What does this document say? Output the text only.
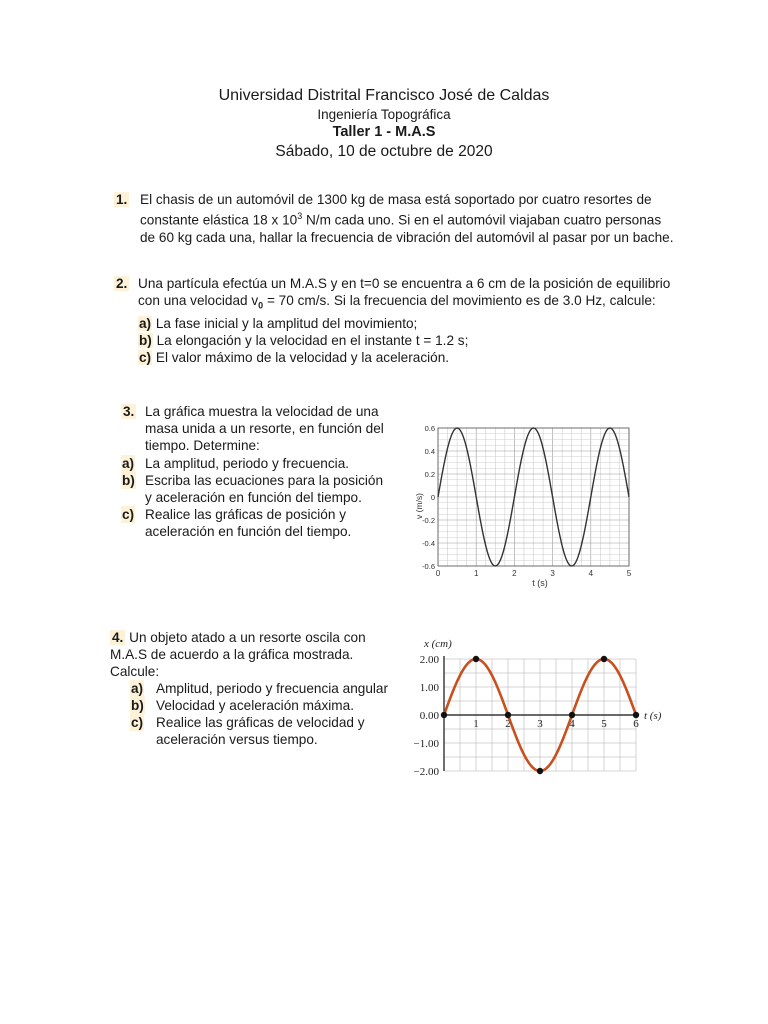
Universidad Distrital Francisco José de Caldas
Ingeniería Topográfica
Taller 1 - M.A.S
Sábado, 10 de octubre de 2020
1. El chasis de un automóvil de 1300 kg de masa está soportado por cuatro resortes de constante elástica 18 x $10^3$ N/m cada uno. Si en el automóvil viajaban cuatro personas de 60 kg cada una, hallar la frecuencia de vibración del automóvil al pasar por un bache.
2. Una partícula efectúa un M.A.S y en t=0 se encuentra a 6 cm de la posición de equilibrio con una velocidad $v_0 = 70$ cm/s. Si la frecuencia del movimiento es de 3.0 Hz, calcule:
a) La fase inicial y la amplitud del movimiento;
b) La elongación y la velocidad en el instante t = 1.2 s;
c) El valor máximo de la velocidad y la aceleración.
3. La gráfica muestra la velocidad de una masa unida a un resorte, en función del tiempo. Determine:
a) La amplitud, periodo y frecuencia.
b) Escriba las ecuaciones para la posición y aceleración en función del tiempo.
c) Realice las gráficas de posición y aceleración en función del tiempo.
0	1	2	3	4	5
0.6
0.4
0.2
0
-0.2
-0.4
-0.6
v (m/s)
t (s)
4. Un objeto atado a un resorte oscila con M.A.S de acuerdo a la gráfica mostrada. Calcule:
a) Amplitud, periodo y frecuencia angular
b) Velocidad y aceleración máxima.
c) Realice las gráficas de velocidad y aceleración versus tiempo.
1 2 3 4 5 6
2.00
1.00
0.00
−1.00
−2.00
x (cm)
t (s)
